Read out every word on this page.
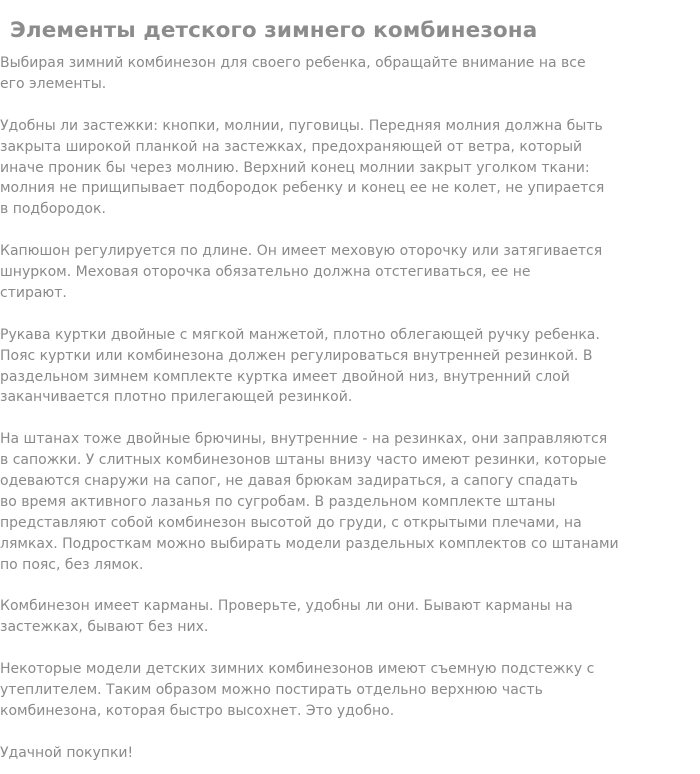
Элементы детского зимнего комбинезона

Выбирая зимний комбинезон для своего ребенка, обращайте внимание на все
его элементы.

Удобны ли застежки: кнопки, молнии, пуговицы. Передняя молния должна быть
закрыта широкой планкой на застежках, предохраняющей от ветра, который
иначе проник бы через молнию. Верхний конец молнии закрыт уголком ткани:
молния не прищипывает подбородок ребенку и конец ее не колет, не упирается
в подбородок.

Капюшон регулируется по длине. Он имеет меховую оторочку или затягивается
шнурком. Меховая оторочка обязательно должна отстегиваться, ее не
стирают.

Рукава куртки двойные с мягкой манжетой, плотно облегающей ручку ребенка.
Пояс куртки или комбинезона должен регулироваться внутренней резинкой. В
раздельном зимнем комплекте куртка имеет двойной низ, внутренний слой
заканчивается плотно прилегающей резинкой.

На штанах тоже двойные брючины, внутренние - на резинках, они заправляются
в сапожки. У слитных комбинезонов штаны внизу часто имеют резинки, которые
одеваются снаружи на сапог, не давая брюкам задираться, а сапогу спадать
во время активного лазанья по сугробам. В раздельном комплекте штаны
представляют собой комбинезон высотой до груди, с открытыми плечами, на
лямках. Подросткам можно выбирать модели раздельных комплектов со штанами
по пояс, без лямок.

Комбинезон имеет карманы. Проверьте, удобны ли они. Бывают карманы на
застежках, бывают без них.

Некоторые модели детских зимних комбинезонов имеют съемную подстежку с
утеплителем. Таким образом можно постирать отдельно верхнюю часть
комбинезона, которая быстро высохнет. Это удобно.

Удачной покупки!
